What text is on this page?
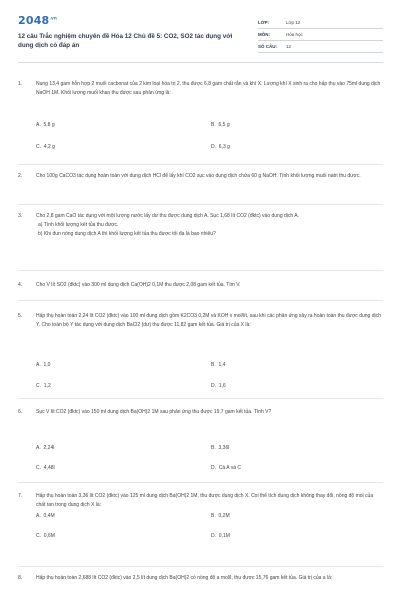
$2048^{.vn}$
12 câu Trắc nghiệm chuyên đề Hóa 12 Chủ đề 5: CO2, SO2 tác dụng với dung dịch có đáp án
LỚP:	Lớp 12
MÔN:	Hóa học
SỐ CÂU:	12
1.	Nung 13,4 gam hỗn hợp 2 muối cacbonat của 2 kim loại hóa trị 2, thu được 6,8 gam chất rắn và khí X. Lượng khí X sinh ra cho hấp thụ vào 75ml dung dịch NaOH 1M. Khối lượng muối khan thu được sau phản ứng là:
A. 5,8 g	B. 6,5 g
C. 4,2 g	D. 6,3 g
2.	Cho 100g CaCO3 tác dụng hoàn toàn với dung dịch HCl để lấy khí CO2 sục vào dung dịch chứa 60 g NaOH. Tính khối lượng muối natri thu được.
3.	Cho 2,8 gam CaO tác dụng với một lượng nước lấy dư thu được dung dịch A. Sục 1,68 lít CO2 (đktc) vào dung dịch A.
a) Tính khối lượng kết tủa thu được.
b) Khi đun nóng dung dịch A thì khối lượng kết tủa thu được tối đa là bao nhiêu?
4.	Cho V lít SO2 (đktc) vào 300 ml dung dịch Ca(OH)2 0,1M thu được 2,08 gam kết tủa. Tìm V.
5.	Hấp thụ hoàn toàn 2,24 lít CO2 (đktc) vào 100 ml dung dịch gồm K2CO3 0,2M và KOH x mol/lít, sau khi các phản ứng xảy ra hoàn toàn thu được dung dịch Y. Cho toàn bộ Y tác dụng với dung dịch BaCl2 (dư) thu được 11,82 gam kết tủa. Giá trị của X là:
A. 1,0	B. 1,4
C. 1,2	D. 1,6
6.	Sục V lít CO2 (đktc) vào 150 ml dung dịch Ba(OH)2 1M sau phản ứng thu được 19,7 gam kết tủa. Tính V?
A. 2,24l	B. 3,36l
C. 4,48l	D. Cả A và C
7.	Hấp thụ hoàn toàn 3,36 lít CO2 (đktc) vào 125 ml dung dịch Ba(OH)2 1M, thu được dung dịch X. Coi thể tích dung dịch không thay đổi, nồng độ mol của chất tan trong dung dịch X là:
A. 0,4M	B. 0,2M
C. 0,6M	D. 0,1M
8.	Hấp thụ hoàn toàn 2,688 lít CO2 (đktc) vào 2,5 lít dung dịch Ba(OH)2 có nồng độ a mol/l, thu được 15,76 gam kết tủa. Giá trị của a là:
